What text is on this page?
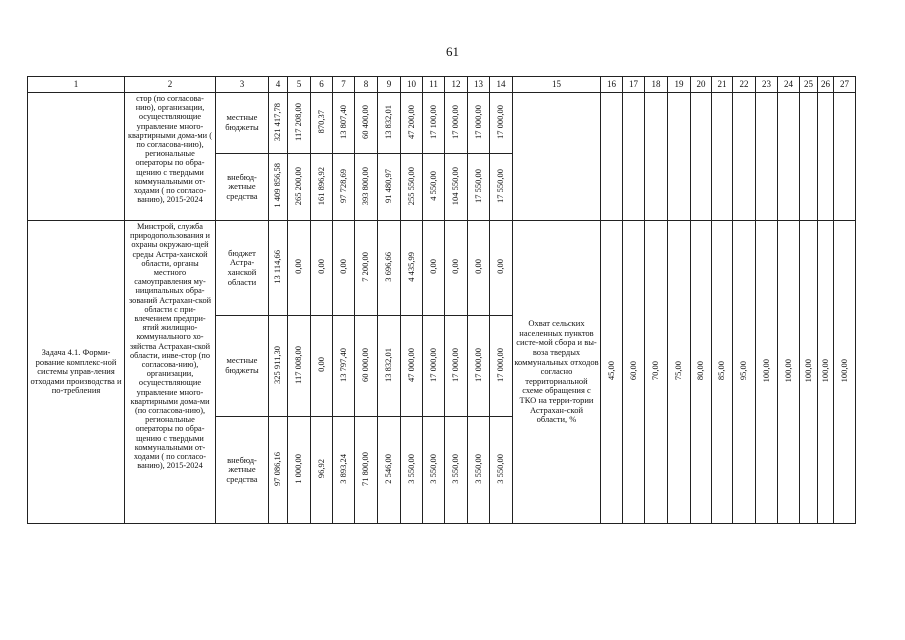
61
1	2	3	4	5	6	7	8	9	10	11	12	13	14	15	16	17	18	19	20	21	22	23	24	25	26	27
	стор (по согласова-нию), организации, осуществляющие управление много-квартирными дома-ми ( по согласова-нию), региональные операторы по обра-щению с твердыми коммунальными от-ходами ( по согласо-ванию), 2015-2024	местные бюджеты	321 417,78	117 208,00	870,37	13 807,40	60 400,00	13 832,01	47 200,00	17 100,00	17 000,00	17 000,00	17 000,00													
		внебюд-жетные средства	1 409 856,58	265 200,00	161 896,92	97 728,69	393 800,00	91 480,97	255 550,00	4 550,00	104 550,00	17 550,00	17 550,00													
Задача 4.1. Форми-рование комплекс-ной системы управ-ления отходами производства и по-требления	Минстрой, служба природопользования и охраны окружаю-щей среды Астра-ханской области, органы местного самоуправления му-ниципальных обра-зований Астрахан-ской области с при-влечением предпри-ятий жилищно-коммунального хо-зяйства Астрахан-ской области, инве-стор (по согласова-нию), организации, осуществляющие управление много-квартирными дома-ми (по согласова-нию), региональные операторы по обра-щению с твердыми коммунальными от-ходами ( по согласо-ванию), 2015-2024	бюджет Астра-ханской области	13 114,66	0,00	0,00	0,00	7 200,00	3 696,66	4 435,99	0,00	0,00	0,00	0,00	Охват сельских населенных пунктов систе-мой сбора и вы-воза твердых коммунальных отходов согласно территориальной схеме обращения с ТКО на терри-тории Астрахан-ской области, %	45,00	60,00	70,00	75,00	80,00	85,00	95,00	100,00	100,00	100,00	100,00	100,00
		местные бюджеты	325 911,30	117 008,00	0,00	13 797,40	60 000,00	13 832,01	47 000,00	17 000,00	17 000,00	17 000,00	17 000,00													
		внебюд-жетные средства	97 086,16	1 000,00	96,92	3 893,24	71 800,00	2 546,00	3 550,00	3 550,00	3 550,00	3 550,00	3 550,00													
